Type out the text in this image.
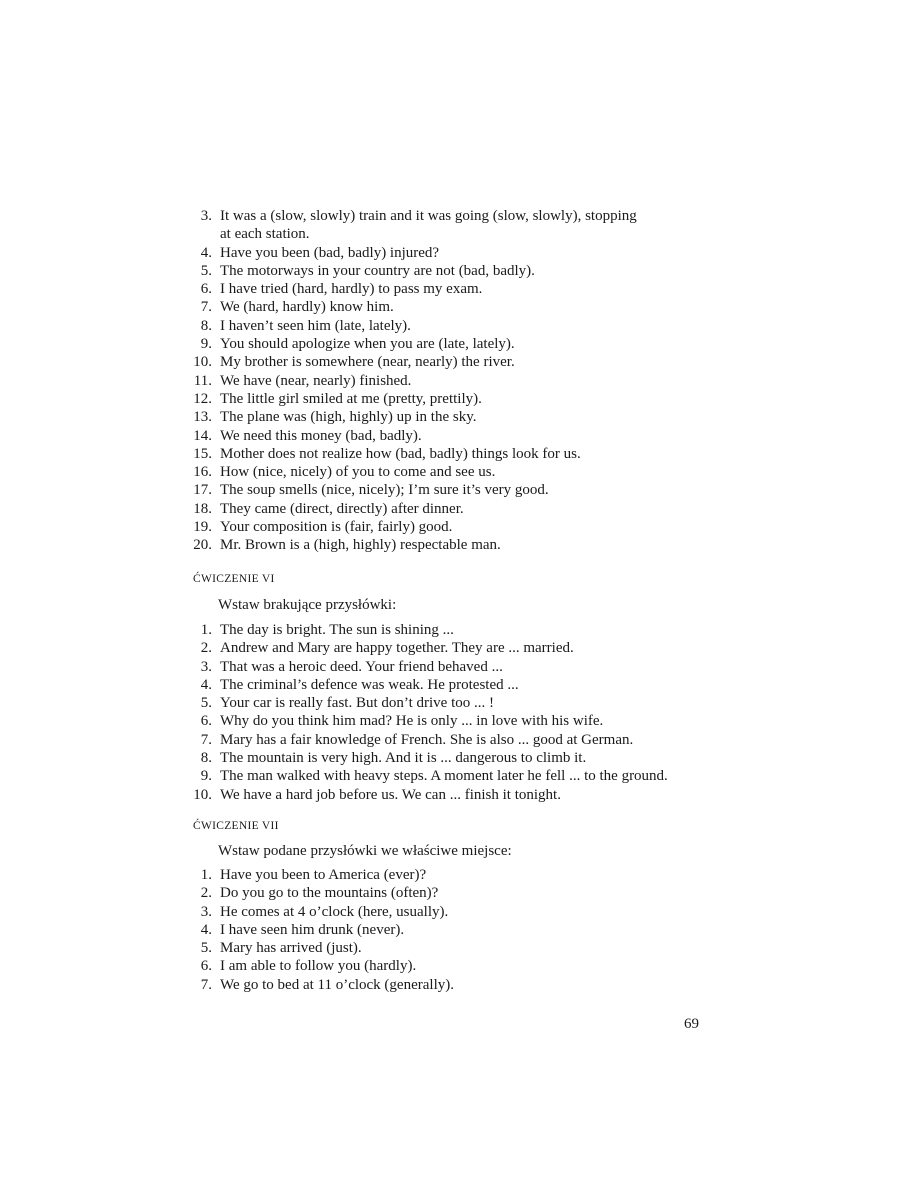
3. It was a (slow, slowly) train and it was going (slow, slowly), stopping
at each station.
4. Have you been (bad, badly) injured?
5. The motorways in your country are not (bad, badly).
6. I have tried (hard, hardly) to pass my exam.
7. We (hard, hardly) know him.
8. I haven’t seen him (late, lately).
9. You should apologize when you are (late, lately).
10. My brother is somewhere (near, nearly) the river.
11. We have (near, nearly) finished.
12. The little girl smiled at me (pretty, prettily).
13. The plane was (high, highly) up in the sky.
14. We need this money (bad, badly).
15. Mother does not realize how (bad, badly) things look for us.
16. How (nice, nicely) of you to come and see us.
17. The soup smells (nice, nicely); I’m sure it’s very good.
18. They came (direct, directly) after dinner.
19. Your composition is (fair, fairly) good.
20. Mr. Brown is a (high, highly) respectable man.
ĆWICZENIE VI
Wstaw brakujące przysłówki:
1. The day is bright. The sun is shining ...
2. Andrew and Mary are happy together. They are ... married.
3. That was a heroic deed. Your friend behaved ...
4. The criminal’s defence was weak. He protested ...
5. Your car is really fast. But don’t drive too ... !
6. Why do you think him mad? He is only ... in love with his wife.
7. Mary has a fair knowledge of French. She is also ... good at German.
8. The mountain is very high. And it is ... dangerous to climb it.
9. The man walked with heavy steps. A moment later he fell ... to the ground.
10. We have a hard job before us. We can ... finish it tonight.
ĆWICZENIE VII
Wstaw podane przysłówki we właściwe miejsce:
1. Have you been to America (ever)?
2. Do you go to the mountains (often)?
3. He comes at 4 o’clock (here, usually).
4. I have seen him drunk (never).
5. Mary has arrived (just).
6. I am able to follow you (hardly).
7. We go to bed at 11 o’clock (generally).
69
